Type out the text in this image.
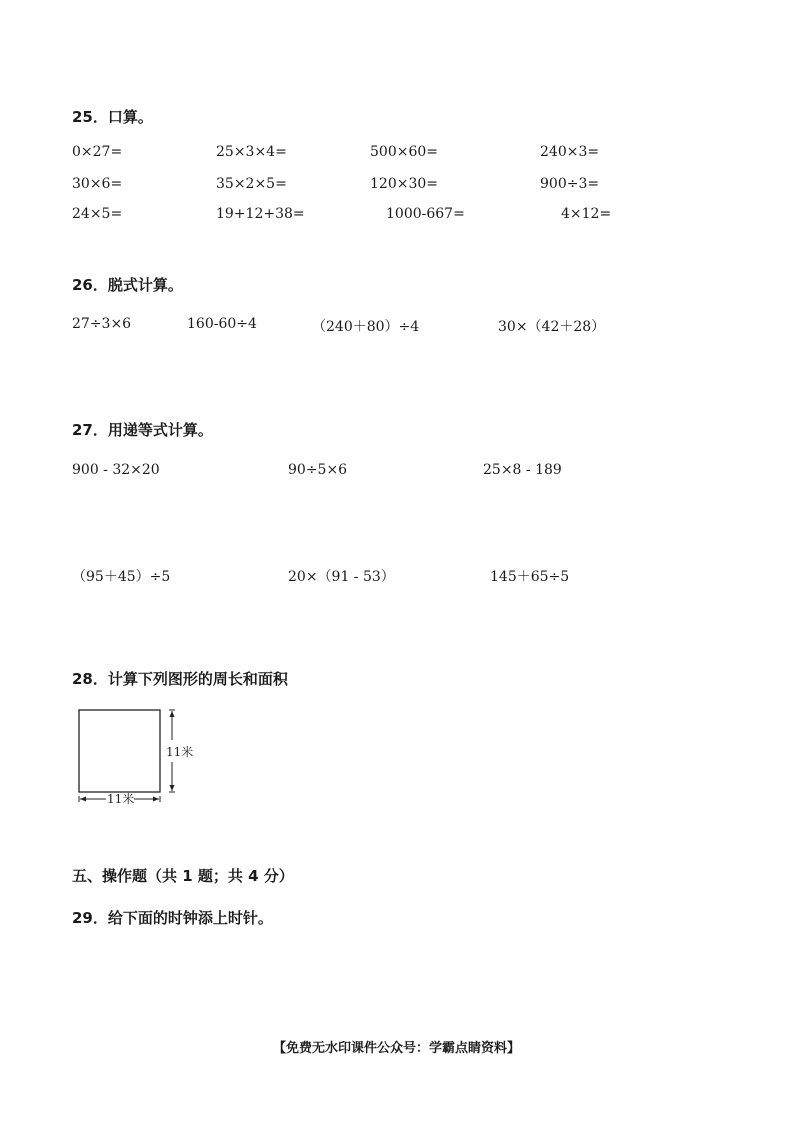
25．口算。
0×27=	25×3×4=	500×60=	240×3=
30×6=	35×2×5=	120×30=	900÷3=
24×5=	19+12+38=	1000-667=	4×12=
26．脱式计算。
27÷3×6	160-60÷4	（240＋80）÷4	30×（42＋28）
27．用递等式计算。
900 - 32×20	90÷5×6	25×8 - 189
（95＋45）÷5	20×（91 - 53）	145＋65÷5
28．计算下列图形的周长和面积
11米
11米
五、操作题（共 1 题；共 4 分）
29．给下面的时钟添上时针。
【免费无水印课件公众号：学霸点睛资料】
